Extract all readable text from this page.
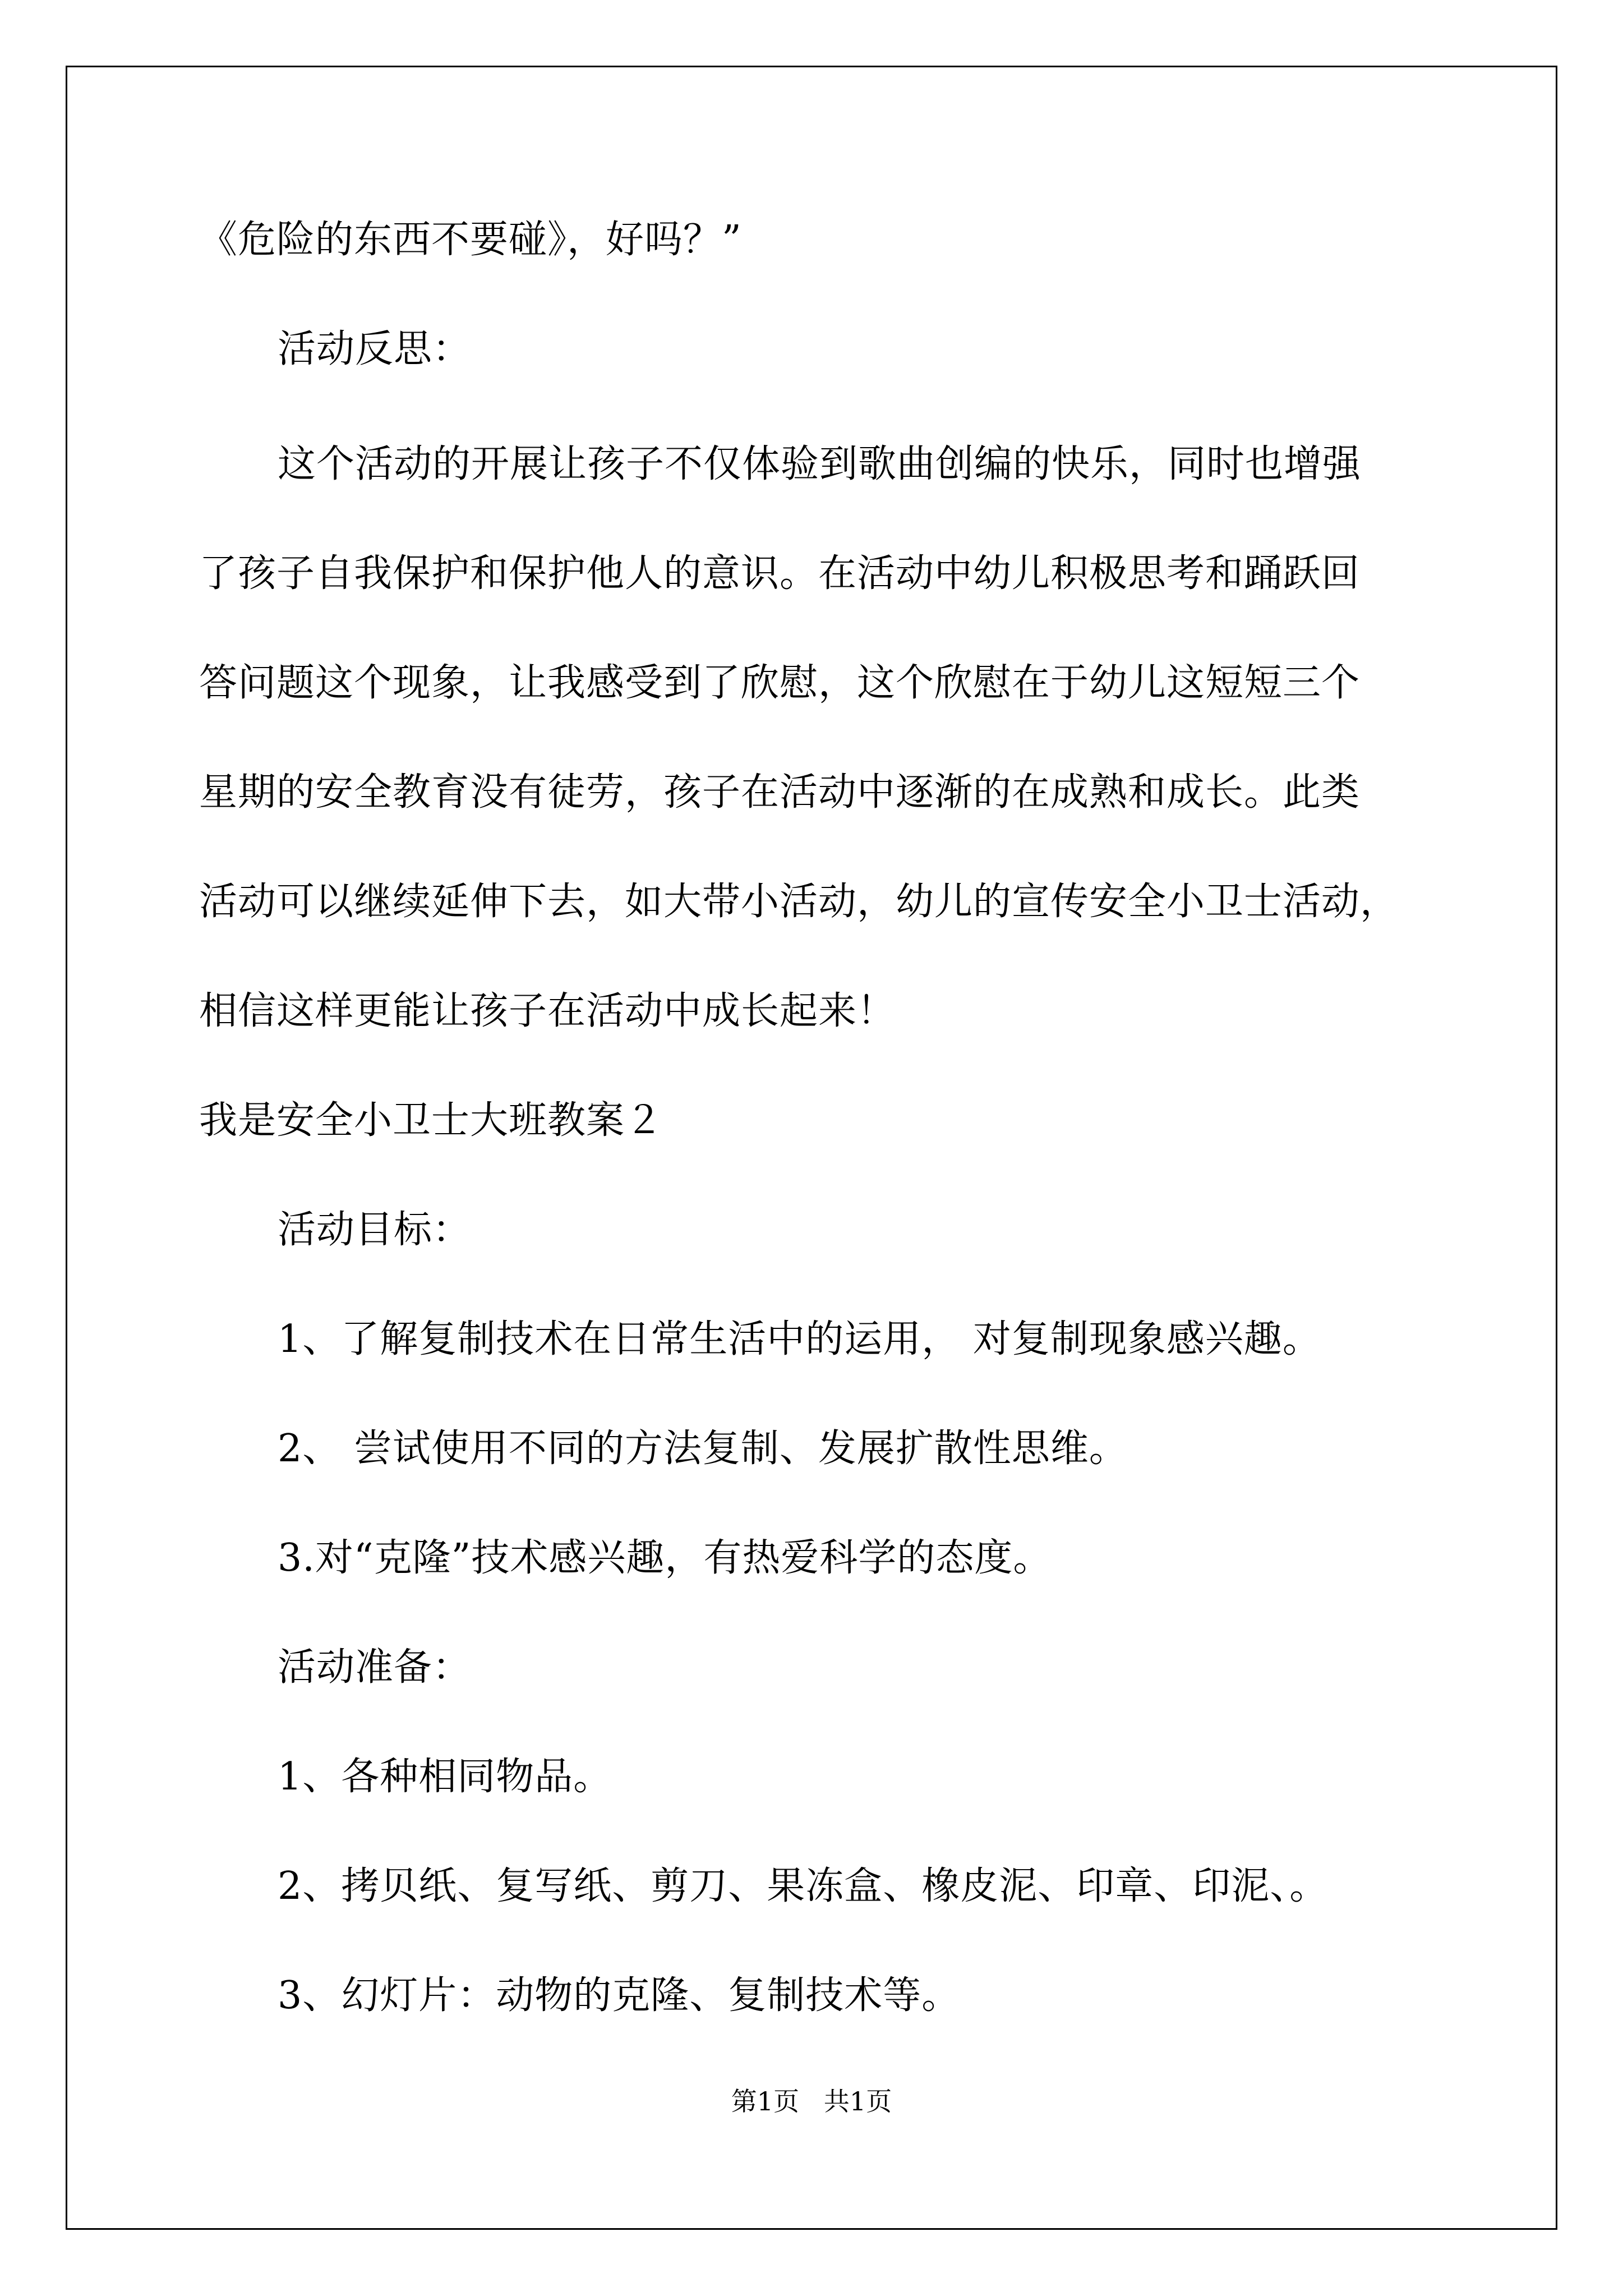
《危险的东西不要碰》，好吗？”
活动反思：
这个活动的开展让孩子不仅体验到歌曲创编的快乐，同时也增强
了孩子自我保护和保护他人的意识。在活动中幼儿积极思考和踊跃回
答问题这个现象，让我感受到了欣慰，这个欣慰在于幼儿这短短三个
星期的安全教育没有徒劳，孩子在活动中逐渐的在成熟和成长。此类
活动可以继续延伸下去，如大带小活动，幼儿的宣传安全小卫士活动，
相信这样更能让孩子在活动中成长起来！
我是安全小卫士大班教案２
活动目标：
1、了解复制技术在日常生活中的运用， 对复制现象感兴趣。
2、 尝试使用不同的方法复制、发展扩散性思维。
3.对“克隆”技术感兴趣，有热爱科学的态度。
活动准备：
1、各种相同物品。
2、拷贝纸、复写纸、剪刀、果冻盒、橡皮泥、印章、印泥、。
3、幻灯片：动物的克隆、复制技术等。
第1页   共1页
